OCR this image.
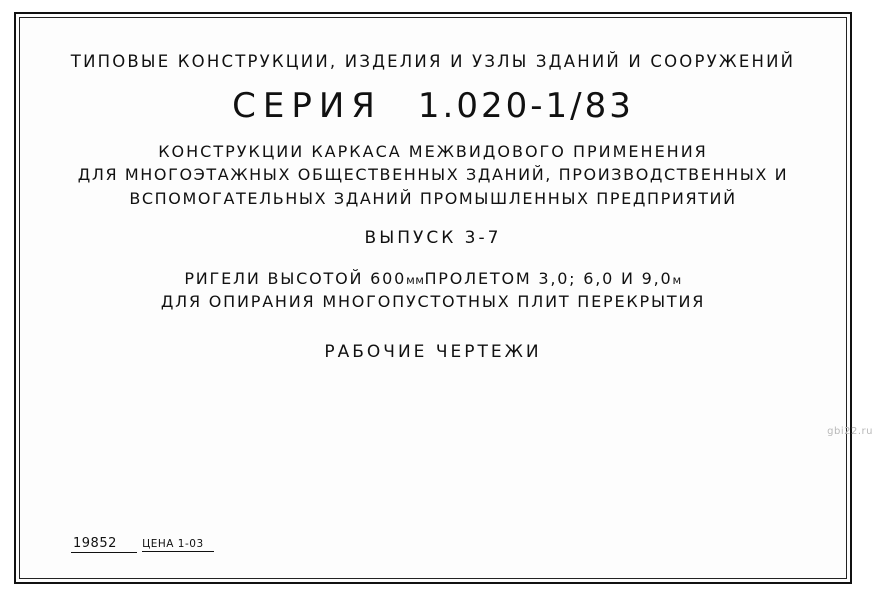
ТИПОВЫЕ КОНСТРУКЦИИ, ИЗДЕЛИЯ И УЗЛЫ ЗДАНИЙ И СООРУЖЕНИЙ
СЕРИЯ 1.020-1/83
КОНСТРУКЦИИ КАРКАСА МЕЖВИДОВОГО ПРИМЕНЕНИЯ
ДЛЯ МНОГОЭТАЖНЫХ ОБЩЕСТВЕННЫХ ЗДАНИЙ, ПРОИЗВОДСТВЕННЫХ И
ВСПОМОГАТЕЛЬНЫХ ЗДАНИЙ ПРОМЫШЛЕННЫХ ПРЕДПРИЯТИЙ
ВЫПУСК 3-7
РИГЕЛИ ВЫСОТОЙ 600ммПРОЛЕТОМ 3,0; 6,0 И 9,0м
ДЛЯ ОПИРАНИЯ МНОГОПУСТОТНЫХ ПЛИТ ПЕРЕКРЫТИЯ
РАБОЧИЕ ЧЕРТЕЖИ
19852 ЦЕНА 1-03
gbi22.ru
